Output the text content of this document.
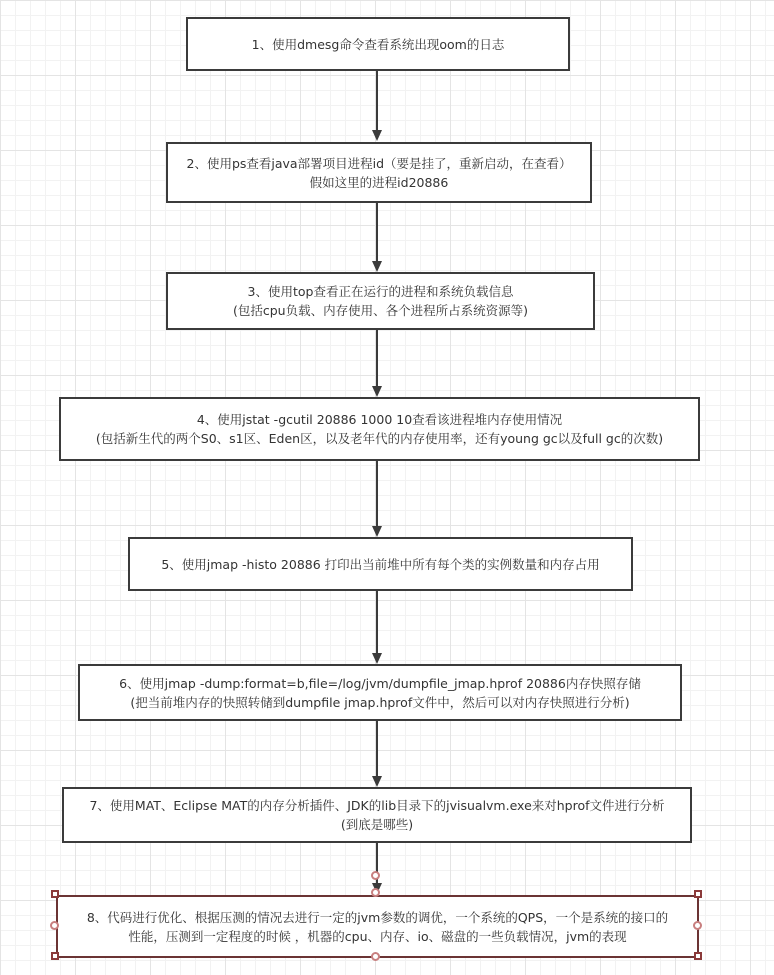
1、使用dmesg命令查看系统出现oom的日志
2、使用ps查看java部署项目进程id（要是挂了，重新启动，在查看）
假如这里的进程id20886
3、使用top查看正在运行的进程和系统负载信息
(包括cpu负载、内存使用、各个进程所占系统资源等)
4、使用jstat -gcutil 20886 1000 10查看该进程堆内存使用情况
(包括新生代的两个S0、s1区、Eden区，以及老年代的内存使用率，还有young gc以及full gc的次数)
5、使用jmap -histo 20886 打印出当前堆中所有每个类的实例数量和内存占用
6、使用jmap -dump:format=b,file=/log/jvm/dumpfile_jmap.hprof 20886内存快照存储
(把当前堆内存的快照转储到dumpfile jmap.hprof文件中，然后可以对内存快照进行分析)
7、使用MAT、Eclipse MAT的内存分析插件、JDK的lib目录下的jvisualvm.exe来对hprof文件进行分析
(到底是哪些)
8、代码进行优化、根据压测的情况去进行一定的jvm参数的调优，一个系统的QPS，一个是系统的接口的
性能，压测到一定程度的时候 ，机器的cpu、内存、io、磁盘的一些负载情况，jvm的表现
